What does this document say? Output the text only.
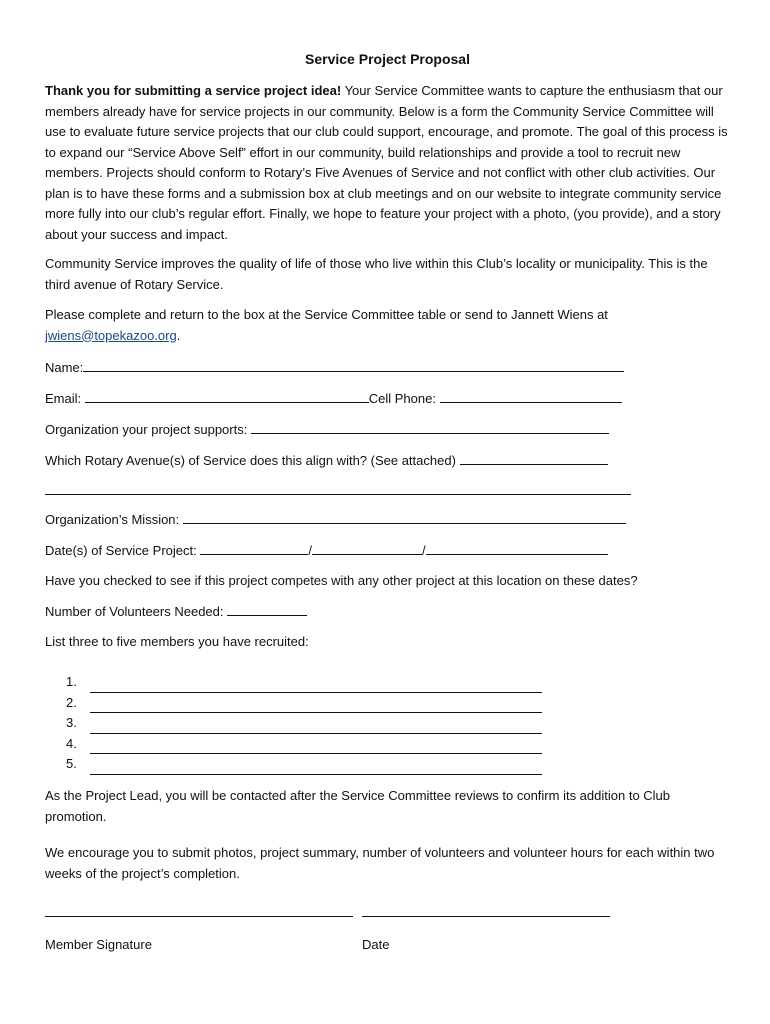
Service Project Proposal

Thank you for submitting a service project idea! Your Service Committee wants to capture the enthusiasm that our members already have for service projects in our community. Below is a form the Community Service Committee will use to evaluate future service projects that our club could support, encourage, and promote. The goal of this process is to expand our “Service Above Self” effort in our community, build relationships and provide a tool to recruit new members. Projects should conform to Rotary’s Five Avenues of Service and not conflict with other club activities. Our plan is to have these forms and a submission box at club meetings and on our website to integrate community service more fully into our club’s regular effort. Finally, we hope to feature your project with a photo, (you provide), and a story about your success and impact.

Community Service improves the quality of life of those who live within this Club’s locality or municipality. This is the third avenue of Rotary Service.

Please complete and return to the box at the Service Committee table or send to Jannett Wiens at jwiens@topekazoo.org.

Name:
Email:	Cell Phone:
Organization your project supports:
Which Rotary Avenue(s) of Service does this align with? (See attached)
Organization’s Mission:
Date(s) of Service Project:	/	/
Have you checked to see if this project competes with any other project at this location on these dates?
Number of Volunteers Needed:
List three to five members you have recruited:
1.
2.
3.
4.
5.

As the Project Lead, you will be contacted after the Service Committee reviews to confirm its addition to Club promotion.

We encourage you to submit photos, project summary, number of volunteers and volunteer hours for each within two weeks of the project’s completion.

Member Signature	Date
